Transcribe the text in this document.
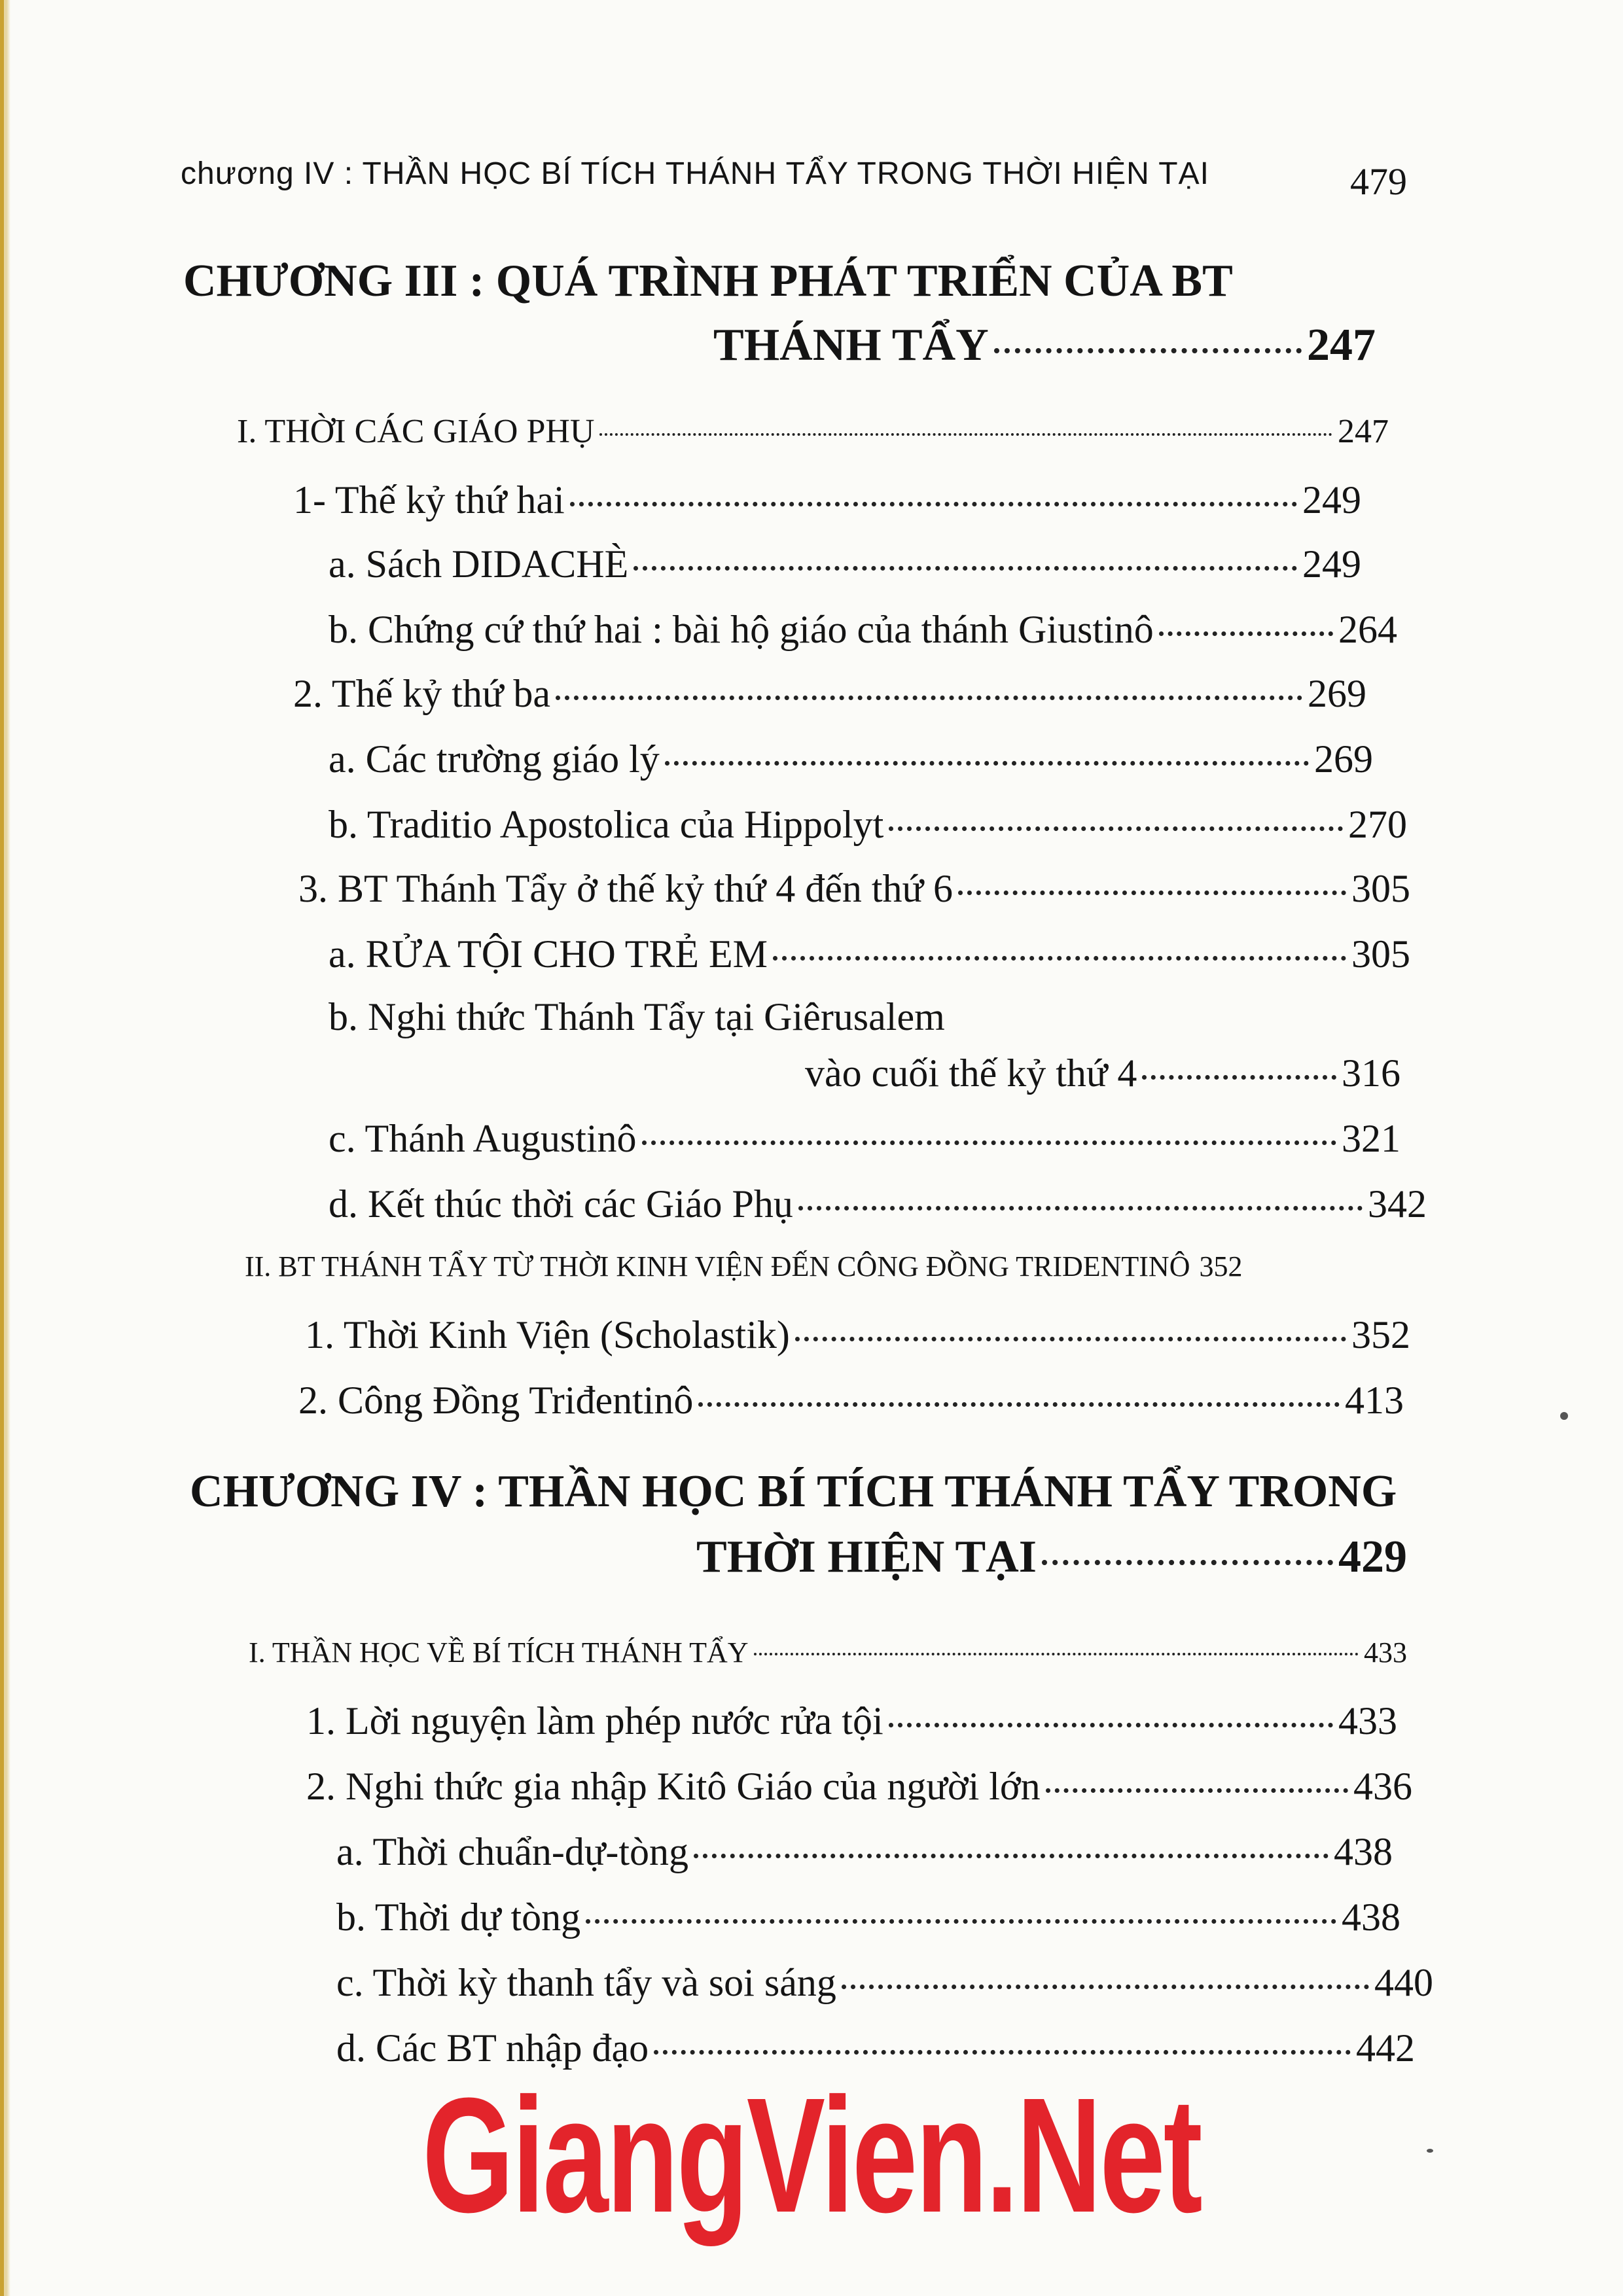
chương IV : THẦN HỌC BÍ TÍCH THÁNH TẨY TRONG THỜI HIỆN TẠI	479
CHƯƠNG III : QUÁ TRÌNH PHÁT TRIỂN CỦA BT
THÁNH TẨY	247
I. THỜI CÁC GIÁO PHỤ	247
1- Thế kỷ thứ hai	249
a. Sách DIDACHÈ	249
b. Chứng cứ thứ hai : bài hộ giáo của thánh Giustinô	264
2. Thế kỷ thứ ba	269
a. Các trường giáo lý	269
b. Traditio Apostolica của Hippolyt	270
3. BT Thánh Tẩy ở thế kỷ thứ 4 đến thứ 6	305
a. RỬA TỘI CHO TRẺ EM	305
b. Nghi thức Thánh Tẩy tại Giêrusalem
vào cuối thế kỷ thứ 4	316
c. Thánh Augustinô	321
d. Kết thúc thời các Giáo Phụ	342
II. BT THÁNH TẨY TỪ THỜI KINH VIỆN ĐẾN CÔNG ĐỒNG TRIDENTINÔ 352
1. Thời Kinh Viện (Scholastik)	352
2. Công Đồng Triđentinô	413
CHƯƠNG IV : THẦN HỌC BÍ TÍCH THÁNH TẨY TRONG
THỜI HIỆN TẠI	429
I. THẦN HỌC VỀ BÍ TÍCH THÁNH TẨY	433
1. Lời nguyện làm phép nước rửa tội	433
2. Nghi thức gia nhập Kitô Giáo của người lớn	436
a. Thời chuẩn-dự-tòng	438
b. Thời dự tòng	438
c. Thời kỳ thanh tẩy và soi sáng	440
d. Các BT nhập đạo	442
GiangVien.Net
